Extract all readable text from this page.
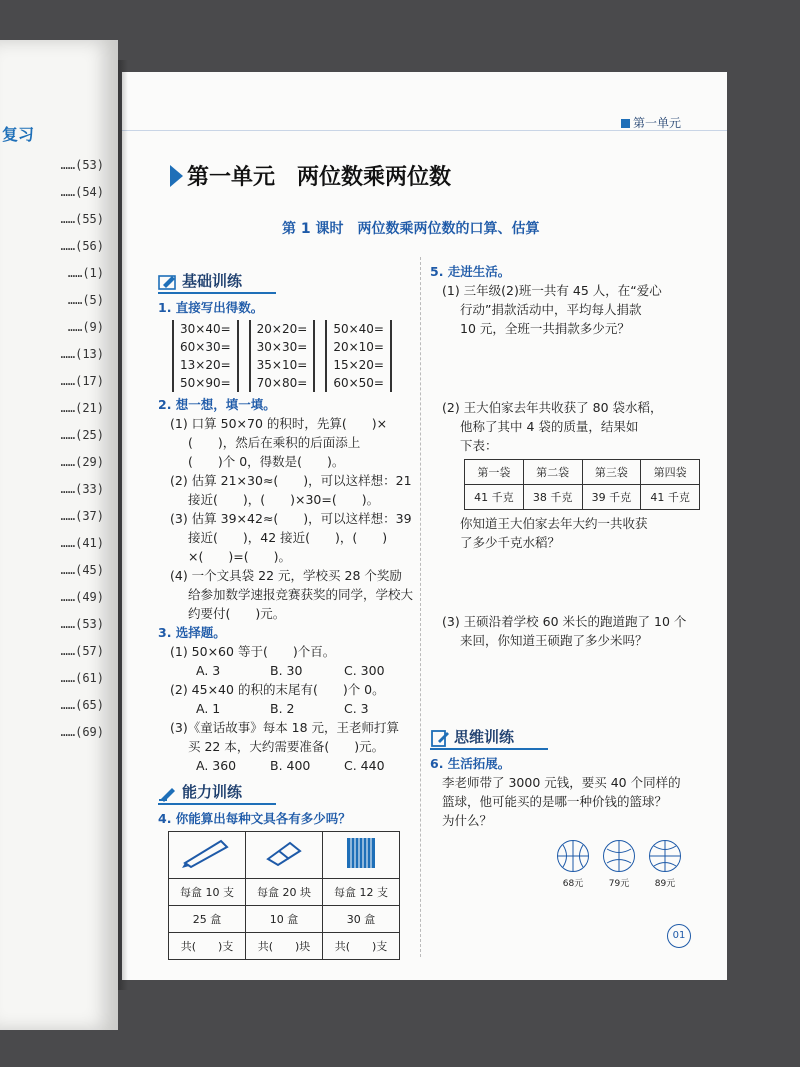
复习
……(53)
……(54)
……(55)
……(56)
……(1)
……(5)
……(9)
……(13)
……(17)
……(21)
……(25)
……(29)
……(33)
……(37)
……(41)
……(45)
……(49)
……(53)
……(57)
……(61)
……(65)
……(69)
第一单元
第一单元　两位数乘两位数
第 1 课时　两位数乘两位数的口算、估算
基础训练
1. 直接写出得数。
30×40=
60×30=
13×20=
50×90=
20×20=
30×30=
35×10=
70×80=
50×40=
20×10=
15×20=
60×50=
2. 想一想，填一填。
(1) 口算 50×70 的积时，先算(　　)×
(　　)，然后在乘积的后面添上
(　　)个 0，得数是(　　)。
(2) 估算 21×30≈(　　)，可以这样想：21
接近(　　)，(　　)×30=(　　)。
(3) 估算 39×42≈(　　)，可以这样想：39
接近(　　)，42 接近(　　)，(　　)
×(　　)=(　　)。
(4) 一个文具袋 22 元，学校买 28 个奖励
给参加数学速报竞赛获奖的同学，学校大
约要付(　　)元。
3. 选择题。
(1) 50×60 等于(　　)个百。
A. 3	B. 30	C. 300
(2) 45×40 的积的末尾有(　　)个 0。
A. 1	B. 2	C. 3
(3)《童话故事》每本 18 元，王老师打算
买 22 本，大约需要准备(　　)元。
A. 360	B. 400	C. 440
能力训练
4. 你能算出每种文具各有多少吗？

每盒 10 支	每盒 20 块	每盒 12 支
25 盒	10 盒	30 盒
共(　　)支	共(　　)块	共(　　)支
5. 走进生活。
(1) 三年级(2)班一共有 45 人，在“爱心
行动”捐款活动中，平均每人捐款
10 元，全班一共捐款多少元？
(2) 王大伯家去年共收获了 80 袋水稻，
他称了其中 4 袋的质量，结果如
下表：
第一袋	第二袋	第三袋	第四袋
41 千克	38 千克	39 千克	41 千克
你知道王大伯家去年大约一共收获
了多少千克水稻？
(3) 王硕沿着学校 60 米长的跑道跑了 10 个
来回，你知道王硕跑了多少米吗？
思维训练
6. 生活拓展。
李老师带了 3000 元钱，要买 40 个同样的
篮球，他可能买的是哪一种价钱的篮球？
为什么？
68元	79元	89元
01
